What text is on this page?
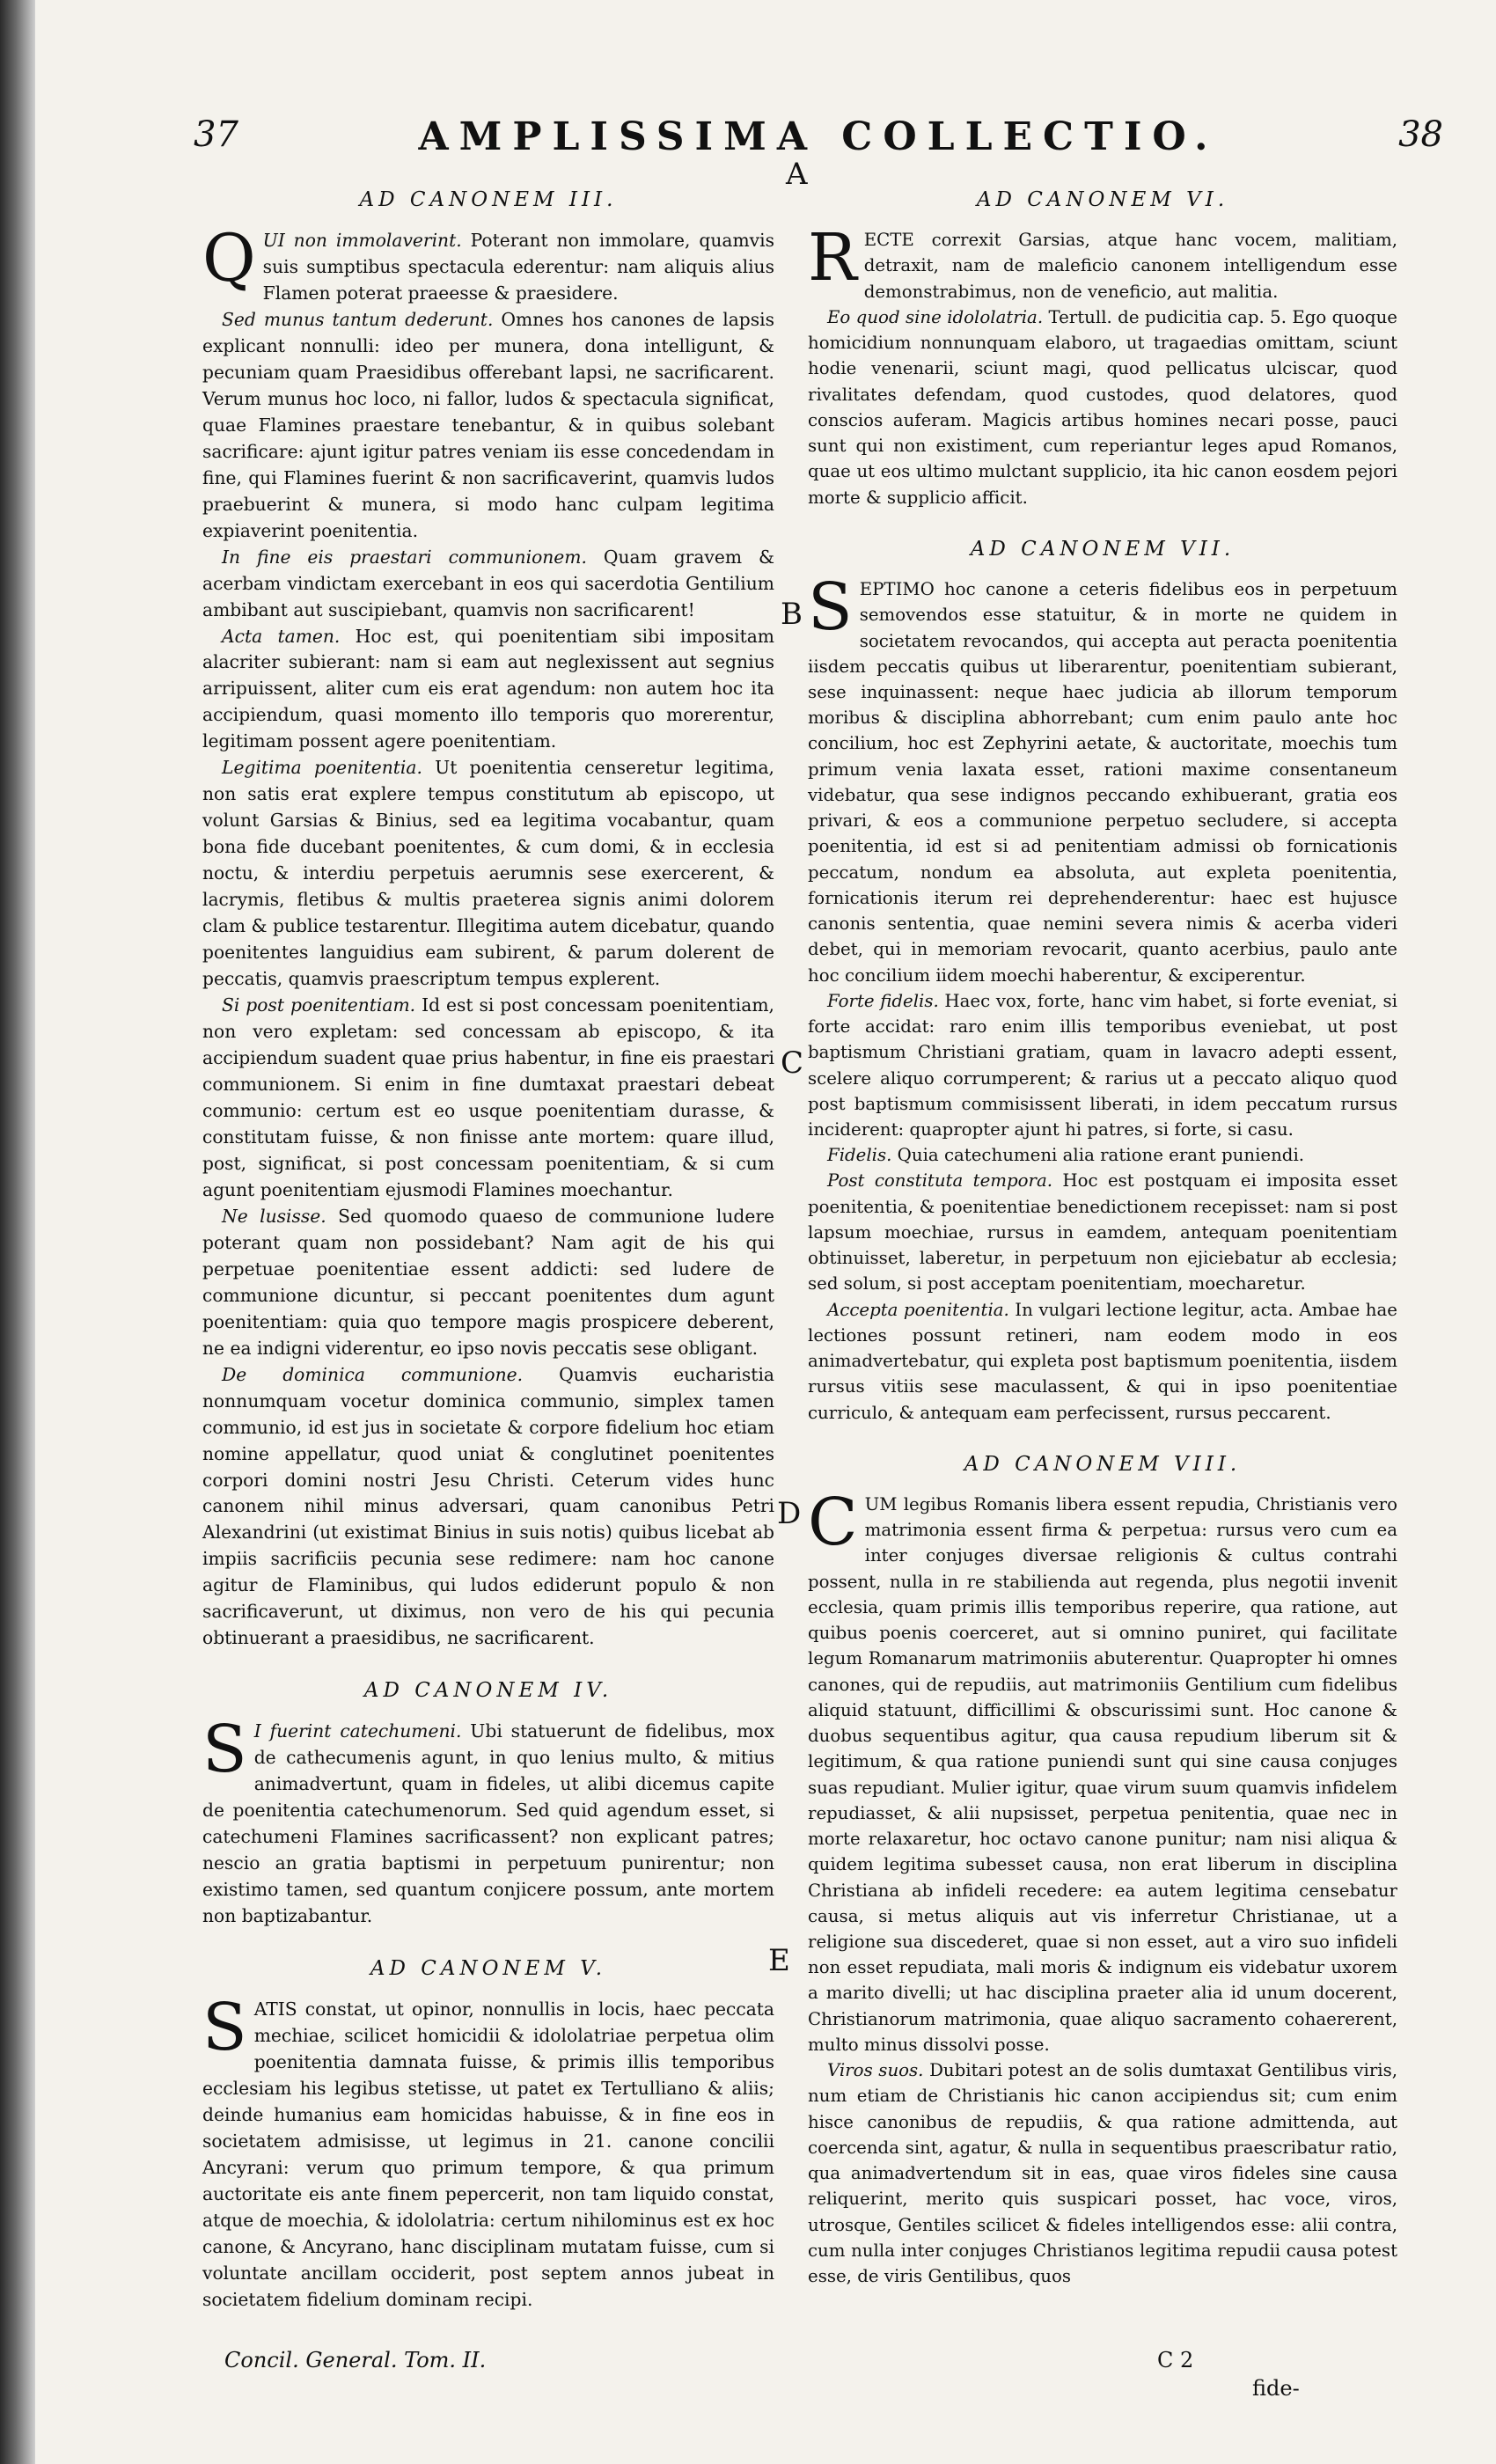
37	AMPLISSIMA COLLECTIO.	38
A
B
C
D
E
AD CANONEM III.

QUI non immolaverint. Poterant non immolare, quamvis suis sumptibus spectacula ederentur: nam aliquis alius Flamen poterat praeesse & praesidere.

Sed munus tantum dederunt. Omnes hos canones de lapsis explicant nonnulli: ideo per munera, dona intelligunt, & pecuniam quam Praesidibus offerebant lapsi, ne sacrificarent. Verum munus hoc loco, ni fallor, ludos & spectacula significat, quae Flamines praestare tenebantur, & in quibus solebant sacrificare: ajunt igitur patres veniam iis esse concedendam in fine, qui Flamines fuerint & non sacrificaverint, quamvis ludos praebuerint & munera, si modo hanc culpam legitima expiaverint poenitentia.

In fine eis praestari communionem. Quam gravem & acerbam vindictam exercebant in eos qui sacerdotia Gentilium ambibant aut suscipiebant, quamvis non sacrificarent!

Acta tamen. Hoc est, qui poenitentiam sibi impositam alacriter subierant: nam si eam aut neglexissent aut segnius arripuissent, aliter cum eis erat agendum: non autem hoc ita accipiendum, quasi momento illo temporis quo morerentur, legitimam possent agere poenitentiam.

Legitima poenitentia. Ut poenitentia censeretur legitima, non satis erat explere tempus constitutum ab episcopo, ut volunt Garsias & Binius, sed ea legitima vocabantur, quam bona fide ducebant poenitentes, & cum domi, & in ecclesia noctu, & interdiu perpetuis aerumnis sese exercerent, & lacrymis, fletibus & multis praeterea signis animi dolorem clam & publice testarentur. Illegitima autem dicebatur, quando poenitentes languidius eam subirent, & parum dolerent de peccatis, quamvis praescriptum tempus explerent.

Si post poenitentiam. Id est si post concessam poenitentiam, non vero expletam: sed concessam ab episcopo, & ita accipiendum suadent quae prius habentur, in fine eis praestari communionem. Si enim in fine dumtaxat praestari debeat communio: certum est eo usque poenitentiam durasse, & constitutam fuisse, & non finisse ante mortem: quare illud, post, significat, si post concessam poenitentiam, & si cum agunt poenitentiam ejusmodi Flamines moechantur.

Ne lusisse. Sed quomodo quaeso de communione ludere poterant quam non possidebant? Nam agit de his qui perpetuae poenitentiae essent addicti: sed ludere de communione dicuntur, si peccant poenitentes dum agunt poenitentiam: quia quo tempore magis prospicere deberent, ne ea indigni viderentur, eo ipso novis peccatis sese obligant.

De dominica communione. Quamvis eucharistia nonnumquam vocetur dominica communio, simplex tamen communio, id est jus in societate & corpore fidelium hoc etiam nomine appellatur, quod uniat & conglutinet poenitentes corpori domini nostri Jesu Christi. Ceterum vides hunc canonem nihil minus adversari, quam canonibus Petri Alexandrini (ut existimat Binius in suis notis) quibus licebat ab impiis sacrificiis pecunia sese redimere: nam hoc canone agitur de Flaminibus, qui ludos ediderunt populo & non sacrificaverunt, ut diximus, non vero de his qui pecunia obtinuerant a praesidibus, ne sacrificarent.

AD CANONEM IV.

S I fuerint catechumeni. Ubi statuerunt de fidelibus, mox de cathecumenis agunt, in quo lenius multo, & mitius animadvertunt, quam in fideles, ut alibi dicemus capite de poenitentia catechumenorum. Sed quid agendum esset, si catechumeni Flamines sacrificassent? non explicant patres; nescio an gratia baptismi in perpetuum punirentur; non existimo tamen, sed quantum conjicere possum, ante mortem non baptizabantur.

AD CANONEM V.

SATIS constat, ut opinor, nonnullis in locis, haec peccata mechiae, scilicet homicidii & idololatriae perpetua olim poenitentia damnata fuisse, & primis illis temporibus ecclesiam his legibus stetisse, ut patet ex Tertulliano & aliis; deinde humanius eam homicidas habuisse, & in fine eos in societatem admisisse, ut legimus in 21. canone concilii Ancyrani: verum quo primum tempore, & qua primum auctoritate eis ante finem pepercerit, non tam liquido constat, atque de moechia, & idololatria: certum nihilominus est ex hoc canone, & Ancyrano, hanc disciplinam mutatam fuisse, cum si voluntate ancillam occiderit, post septem annos jubeat in societatem fidelium dominam recipi.

AD CANONEM VI.

RECTE correxit Garsias, atque hanc vocem, malitiam, detraxit, nam de maleficio canonem intelligendum esse demonstrabimus, non de veneficio, aut malitia.

Eo quod sine idololatria. Tertull. de pudicitia cap. 5. Ego quoque homicidium nonnunquam elaboro, ut tragaedias omittam, sciunt hodie venenarii, sciunt magi, quod pellicatus ulciscar, quod rivalitates defendam, quod custodes, quod delatores, quod conscios auferam. Magicis artibus homines necari posse, pauci sunt qui non existiment, cum reperiantur leges apud Romanos, quae ut eos ultimo mulctant supplicio, ita hic canon eosdem pejori morte & supplicio afficit.

AD CANONEM VII.

SEPTIMO hoc canone a ceteris fidelibus eos in perpetuum semovendos esse statuitur, & in morte ne quidem in societatem revocandos, qui accepta aut peracta poenitentia iisdem peccatis quibus ut liberarentur, poenitentiam subierant, sese inquinassent: neque haec judicia ab illorum temporum moribus & disciplina abhorrebant; cum enim paulo ante hoc concilium, hoc est Zephyrini aetate, & auctoritate, moechis tum primum venia laxata esset, rationi maxime consentaneum videbatur, qua sese indignos peccando exhibuerant, gratia eos privari, & eos a communione perpetuo secludere, si accepta poenitentia, id est si ad penitentiam admissi ob fornicationis peccatum, nondum ea absoluta, aut expleta poenitentia, fornicationis iterum rei deprehenderentur: haec est hujusce canonis sententia, quae nemini severa nimis & acerba videri debet, qui in memoriam revocarit, quanto acerbius, paulo ante hoc concilium iidem moechi haberentur, & exciperentur.

Forte fidelis. Haec vox, forte, hanc vim habet, si forte eveniat, si forte accidat: raro enim illis temporibus eveniebat, ut post baptismum Christiani gratiam, quam in lavacro adepti essent, scelere aliquo corrumperent; & rarius ut a peccato aliquo quod post baptismum commisissent liberati, in idem peccatum rursus inciderent: quapropter ajunt hi patres, si forte, si casu.

Fidelis. Quia catechumeni alia ratione erant puniendi.

Post constituta tempora. Hoc est postquam ei imposita esset poenitentia, & poenitentiae benedictionem recepisset: nam si post lapsum moechiae, rursus in eamdem, antequam poenitentiam obtinuisset, laberetur, in perpetuum non ejiciebatur ab ecclesia; sed solum, si post acceptam poenitentiam, moecharetur.

Accepta poenitentia. In vulgari lectione legitur, acta. Ambae hae lectiones possunt retineri, nam eodem modo in eos animadvertebatur, qui expleta post baptismum poenitentia, iisdem rursus vitiis sese maculassent, & qui in ipso poenitentiae curriculo, & antequam eam perfecissent, rursus peccarent.

AD CANONEM VIII.

CUM legibus Romanis libera essent repudia, Christianis vero matrimonia essent firma & perpetua: rursus vero cum ea inter conjuges diversae religionis & cultus contrahi possent, nulla in re stabilienda aut regenda, plus negotii invenit ecclesia, quam primis illis temporibus reperire, qua ratione, aut quibus poenis coerceret, aut si omnino puniret, qui facilitate legum Romanarum matrimoniis abuterentur. Quapropter hi omnes canones, qui de repudiis, aut matrimoniis Gentilium cum fidelibus aliquid statuunt, difficillimi & obscurissimi sunt. Hoc canone & duobus sequentibus agitur, qua causa repudium liberum sit & legitimum, & qua ratione puniendi sunt qui sine causa conjuges suas repudiant. Mulier igitur, quae virum suum quamvis infidelem repudiasset, & alii nupsisset, perpetua penitentia, quae nec in morte relaxaretur, hoc octavo canone punitur; nam nisi aliqua & quidem legitima subesset causa, non erat liberum in disciplina Christiana ab infideli recedere: ea autem legitima censebatur causa, si metus aliquis aut vis inferretur Christianae, ut a religione sua discederet, quae si non esset, aut a viro suo infideli non esset repudiata, mali moris & indignum eis videbatur uxorem a marito divelli; ut hac disciplina praeter alia id unum docerent, Christianorum matrimonia, quae aliquo sacramento cohaererent, multo minus dissolvi posse.

Viros suos. Dubitari potest an de solis dumtaxat Gentilibus viris, num etiam de Christianis hic canon accipiendus sit; cum enim hisce canonibus de repudiis, & qua ratione admittenda, aut coercenda sint, agatur, & nulla in sequentibus praescribatur ratio, qua animadvertendum sit in eas, quae viros fideles sine causa reliquerint, merito quis suspicari posset, hac voce, viros, utrosque, Gentiles scilicet & fideles intelligendos esse: alii contra, cum nulla inter conjuges Christianos legitima repudii causa potest esse, de viris Gentilibus, quos

Concil. General. Tom. II.	C 2
fide-
